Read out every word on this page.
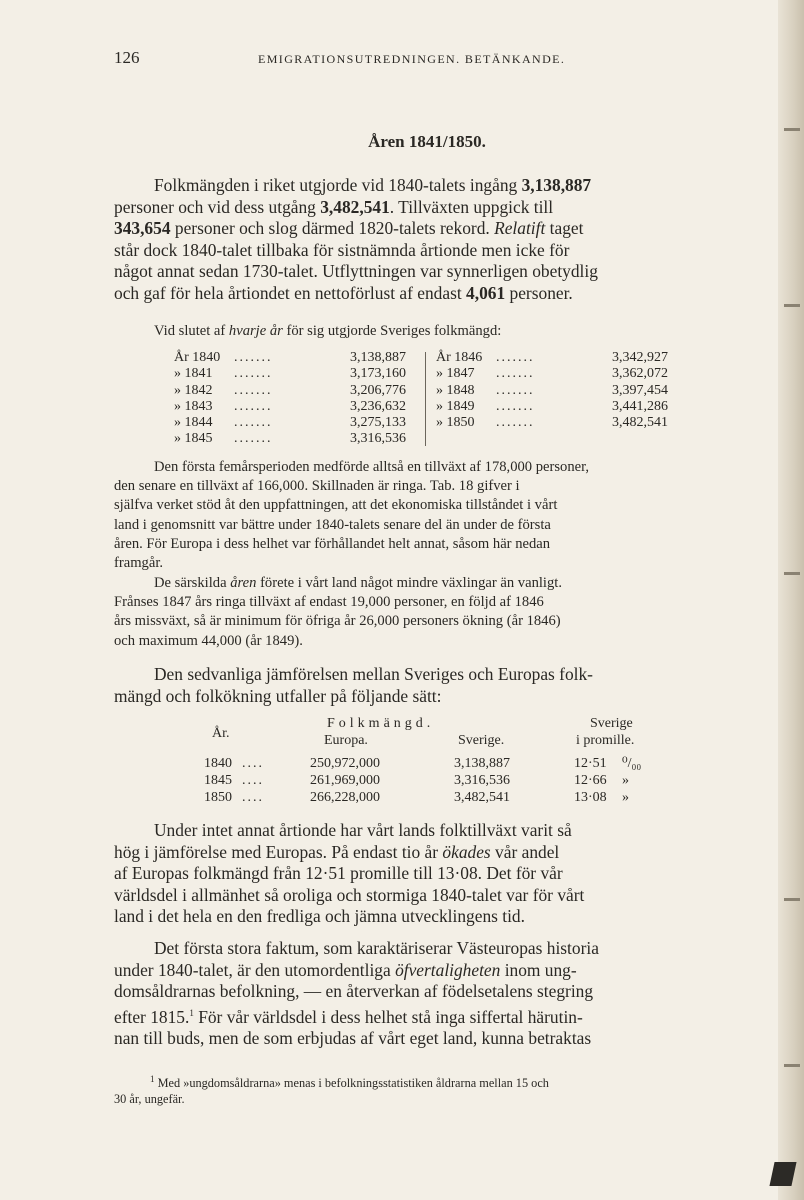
126	EMIGRATIONSUTREDNINGEN. BETÄNKANDE.
Åren 1841/1850.
Folkmängden i riket utgjorde vid 1840-talets ingång 3,138,887
personer och vid dess utgång 3,482,541. Tillväxten uppgick till
343,654 personer och slog därmed 1820-talets rekord. Relatift taget
står dock 1840-talet tillbaka för sistnämnda årtionde men icke för
något annat sedan 1730-talet. Utflyttningen var synnerligen obetydlig
och gaf för hela årtiondet en nettoförlust af endast 4,061 personer.
Vid slutet af hvarje år för sig utgjorde Sveriges folkmängd:
År 1840 .......	3,138,887
» 1841 .......	3,173,160
» 1842 .......	3,206,776
» 1843 .......	3,236,632
» 1844 .......	3,275,133
» 1845 .......	3,316,536
År 1846 .......	3,342,927
» 1847 .......	3,362,072
» 1848 .......	3,397,454
» 1849 .......	3,441,286
» 1850 .......	3,482,541
Den första femårsperioden medförde alltså en tillväxt af 178,000 personer,
den senare en tillväxt af 166,000. Skillnaden är ringa. Tab. 18 gifver i
själfva verket stöd åt den uppfattningen, att det ekonomiska tillståndet i vårt
land i genomsnitt var bättre under 1840-talets senare del än under de första
åren. För Europa i dess helhet var förhållandet helt annat, såsom här nedan
framgår.
De särskilda åren förete i vårt land något mindre växlingar än vanligt.
Frånses 1847 års ringa tillväxt af endast 19,000 personer, en följd af 1846
års missväxt, så är minimum för öfriga år 26,000 personers ökning (år 1846)
och maximum 44,000 (år 1849).
Den sedvanliga jämförelsen mellan Sveriges och Europas folk-
mängd och folkökning utfaller på följande sätt:
År.
Folkmängd.	Sverige
Europa.	Sverige.	i promille.
1840 ....	250,972,000	3,138,887	12·51 ⁰/₀₀
1845 ....	261,969,000	3,316,536	12·66 »
1850 ....	266,228,000	3,482,541	13·08 »
Under intet annat årtionde har vårt lands folktillväxt varit så
hög i jämförelse med Europas. På endast tio år ökades vår andel
af Europas folkmängd från 12·51 promille till 13·08. Det för vår
världsdel i allmänhet så oroliga och stormiga 1840-talet var för vårt
land i det hela en den fredliga och jämna utvecklingens tid.
Det första stora faktum, som karaktäriserar Västeuropas historia
under 1840-talet, är den utomordentliga öfvertaligheten inom ung-
domsåldrarnas befolkning, — en återverkan af födelsetalens stegring
efter 1815.$^1$ För vår världsdel i dess helhet stå inga siffertal härutin-
nan till buds, men de som erbjudas af vårt eget land, kunna betraktas
$^1$ Med »ungdomsåldrarna» menas i befolkningsstatistiken åldrarna mellan 15 och
30 år, ungefär.
